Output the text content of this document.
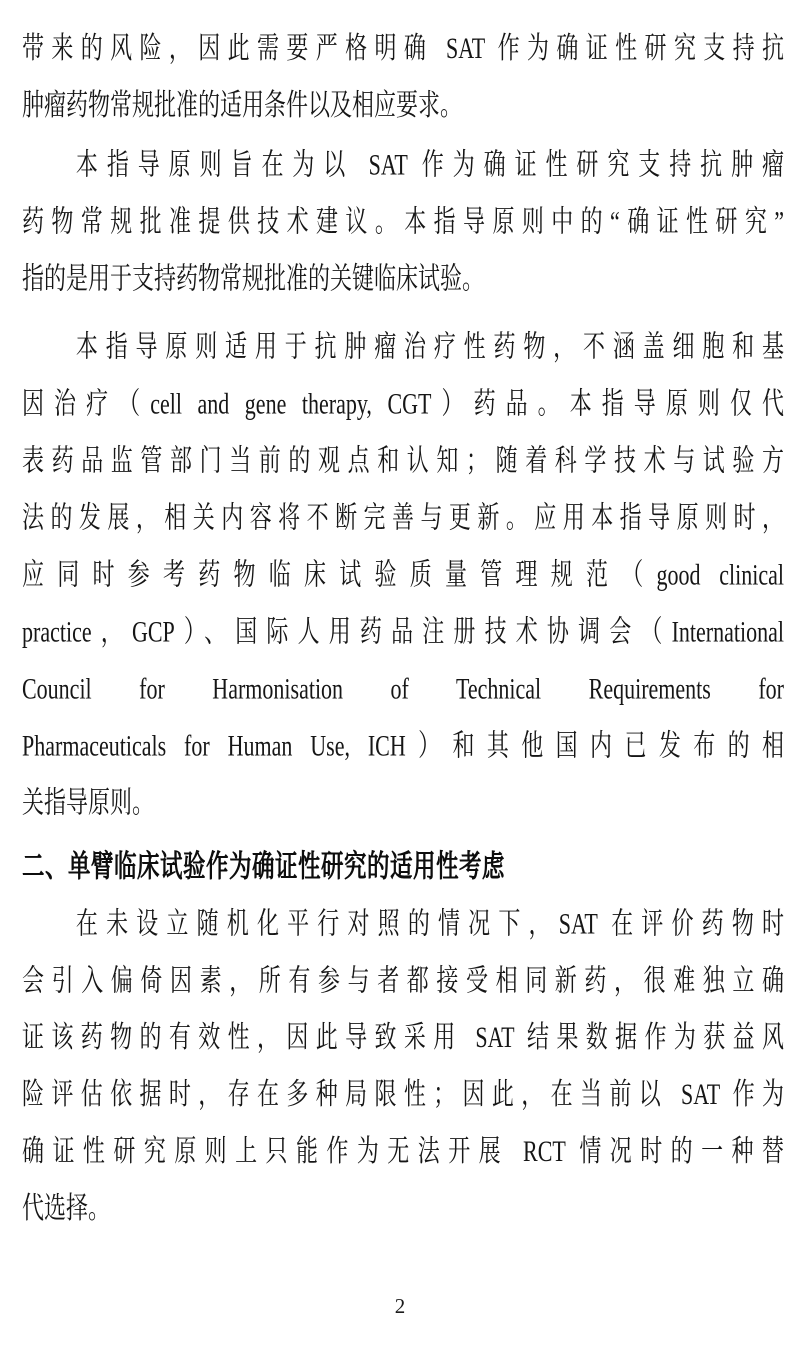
带来的风险，因此需要严格明确 SAT 作为确证性研究支持抗
肿瘤药物常规批准的适用条件以及相应要求。

本指导原则旨在为以 SAT 作为确证性研究支持抗肿瘤
药物常规批准提供技术建议。本指导原则中的“确证性研究”
指的是用于支持药物常规批准的关键临床试验。

本指导原则适用于抗肿瘤治疗性药物，不涵盖细胞和基
因治疗（cell and gene therapy, CGT）药品。本指导原则仅代
表药品监管部门当前的观点和认知；随着科学技术与试验方
法的发展，相关内容将不断完善与更新。应用本指导原则时，
应同时参考药物临床试验质量管理规范（good clinical
practice，GCP）、国际人用药品注册技术协调会（International
Council for Harmonisation of Technical Requirements for
Pharmaceuticals for Human Use, ICH）和其他国内已发布的相
关指导原则。

二、单臂临床试验作为确证性研究的适用性考虑

在未设立随机化平行对照的情况下，SAT 在评价药物时
会引入偏倚因素，所有参与者都接受相同新药，很难独立确
证该药物的有效性，因此导致采用 SAT 结果数据作为获益风
险评估依据时，存在多种局限性；因此，在当前以 SAT 作为
确证性研究原则上只能作为无法开展 RCT 情况时的一种替
代选择。

2
